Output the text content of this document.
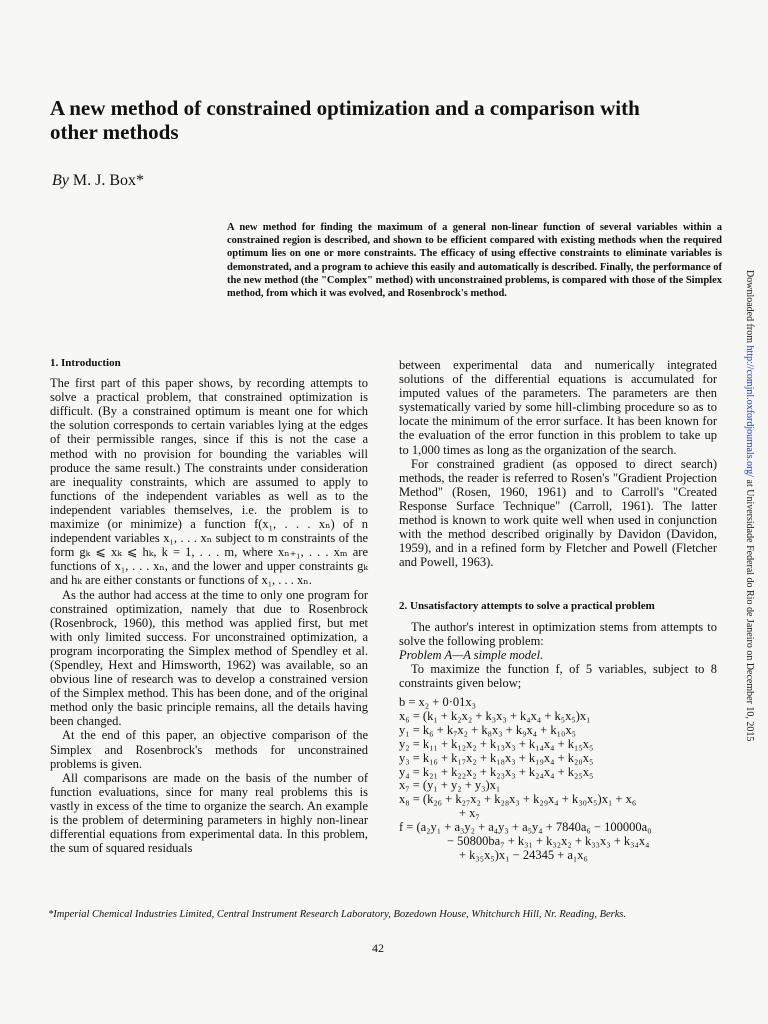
A new method of constrained optimization and a comparison with other methods
By M. J. Box*
A new method for finding the maximum of a general non-linear function of several variables within a constrained region is described, and shown to be efficient compared with existing methods when the required optimum lies on one or more constraints. The efficacy of using effective constraints to eliminate variables is demonstrated, and a program to achieve this easily and automatically is described. Finally, the performance of the new method (the "Complex" method) with unconstrained problems, is compared with those of the Simplex method, from which it was evolved, and Rosenbrock's method.
1. Introduction

The first part of this paper shows, by recording attempts to solve a practical problem, that constrained optimization is difficult. (By a constrained optimum is meant one for which the solution corresponds to certain variables lying at the edges of their permissible ranges, since if this is not the case a method with no provision for bounding the variables will produce the same result.) The constraints under consideration are inequality constraints, which are assumed to apply to functions of the independent variables as well as to the independent variables themselves, i.e. the problem is to maximize (or minimize) a function f(x₁, . . . xₙ) of n independent variables x₁, . . . xₙ subject to m constraints of the form gₖ ⩽ xₖ ⩽ hₖ, k = 1, . . . m, where xₙ₊₁, . . . xₘ are functions of x₁, . . . xₙ, and the lower and upper constraints gₖ and hₖ are either constants or functions of x₁, . . . xₙ.

As the author had access at the time to only one program for constrained optimization, namely that due to Rosenbrock (Rosenbrock, 1960), this method was applied first, but met with only limited success. For unconstrained optimization, a program incorporating the Simplex method of Spendley et al. (Spendley, Hext and Himsworth, 1962) was available, so an obvious line of research was to develop a constrained version of the Simplex method. This has been done, and of the original method only the basic principle remains, all the details having been changed.

At the end of this paper, an objective comparison of the Simplex and Rosenbrock's methods for unconstrained problems is given.

All comparisons are made on the basis of the number of function evaluations, since for many real problems this is vastly in excess of the time to organize the search. An example is the problem of determining parameters in highly non-linear differential equations from experimental data. In this problem, the sum of squared residuals

between experimental data and numerically integrated solutions of the differential equations is accumulated for imputed values of the parameters. The parameters are then systematically varied by some hill-climbing procedure so as to locate the minimum of the error surface. It has been known for the evaluation of the error function in this problem to take up to 1,000 times as long as the organization of the search.

For constrained gradient (as opposed to direct search) methods, the reader is referred to Rosen's "Gradient Projection Method" (Rosen, 1960, 1961) and to Carroll's "Created Response Surface Technique" (Carroll, 1961). The latter method is known to work quite well when used in conjunction with the method described originally by Davidon (Davidon, 1959), and in a refined form by Fletcher and Powell (Fletcher and Powell, 1963).

2. Unsatisfactory attempts to solve a practical problem

The author's interest in optimization stems from attempts to solve the following problem:

Problem A—A simple model.

To maximize the function f, of 5 variables, subject to 8 constraints given below;

b = x₂ + 0·01x₃
x₆ = (k₁ + k₂x₂ + k₃x₃ + k₄x₄ + k₅x₅)x₁
y₁ = k₆ + k₇x₂ + k₈x₃ + k₉x₄ + k₁₀x₅
y₂ = k₁₁ + k₁₂x₂ + k₁₃x₃ + k₁₄x₄ + k₁₅x₅
y₃ = k₁₆ + k₁₇x₂ + k₁₈x₃ + k₁₉x₄ + k₂₀x₅
y₄ = k₂₁ + k₂₂x₂ + k₂₃x₃ + k₂₄x₄ + k₂₅x₅
x₇ = (y₁ + y₂ + y₃)x₁
x₈ = (k₂₆ + k₂₇x₂ + k₂₈x₃ + k₂₉x₄ + k₃₀x₅)x₁ + x₆
+ x₇
f = (a₂y₁ + a₃y₂ + a₄y₃ + a₅y₄ + 7840a₆ − 100000a₀
− 50800ba₇ + k₃₁ + k₃₂x₂ + k₃₃x₃ + k₃₄x₄
+ k₃₅x₅)x₁ − 24345 + a₁x₆
*Imperial Chemical Industries Limited, Central Instrument Research Laboratory, Bozedown House, Whitchurch Hill, Nr. Reading, Berks.
42
Downloaded from http://comjnl.oxfordjournals.org/ at Universidade Federal do Rio de Janeiro on December 10, 2015
